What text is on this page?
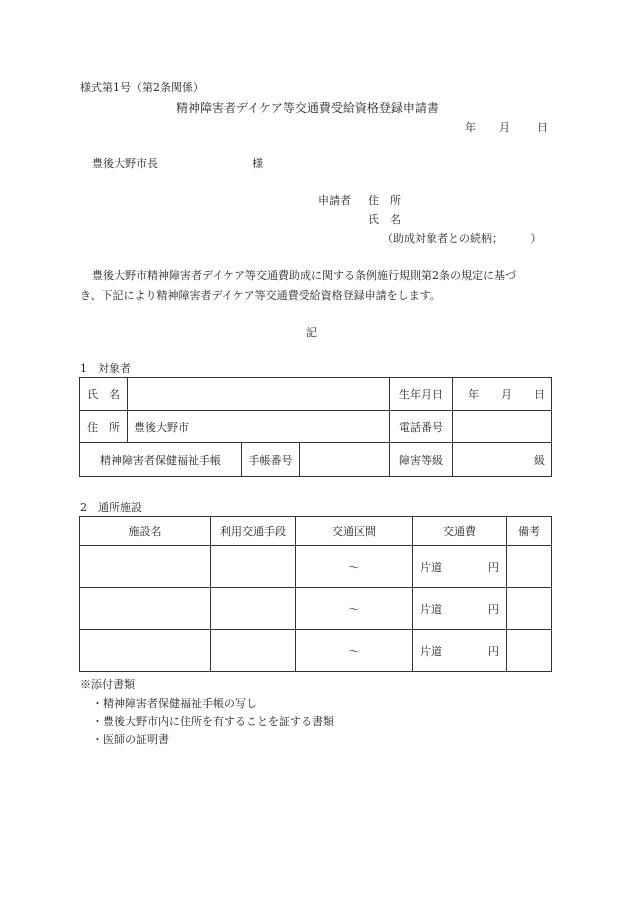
様式第1号（第2条関係）
精神障害者デイケア等交通費受給資格登録申請書
年 月 日
豊後大野市長	様
申請者 住　所
氏　名
（助成対象者との続柄；　　　）
豊後大野市精神障害者デイケア等交通費助成に関する条例施行規則第2条の規定に基づ
き、下記により精神障害者デイケア等交通費受給資格登録申請をします。
記
1　対象者
氏　名				生年月日	年 月 日

住　所	豊後大野市			電話番号	
精神障害者保健福祉手帳		手帳番号		障害等級	級
2　通所施設
施設名	利用交通手段	交通区間	交通費	備考
		～	片道 円	

		～	片道 円	

		～	片道 円	

※添付書類
・精神障害者保健福祉手帳の写し
・豊後大野市内に住所を有することを証する書類
・医師の証明書
